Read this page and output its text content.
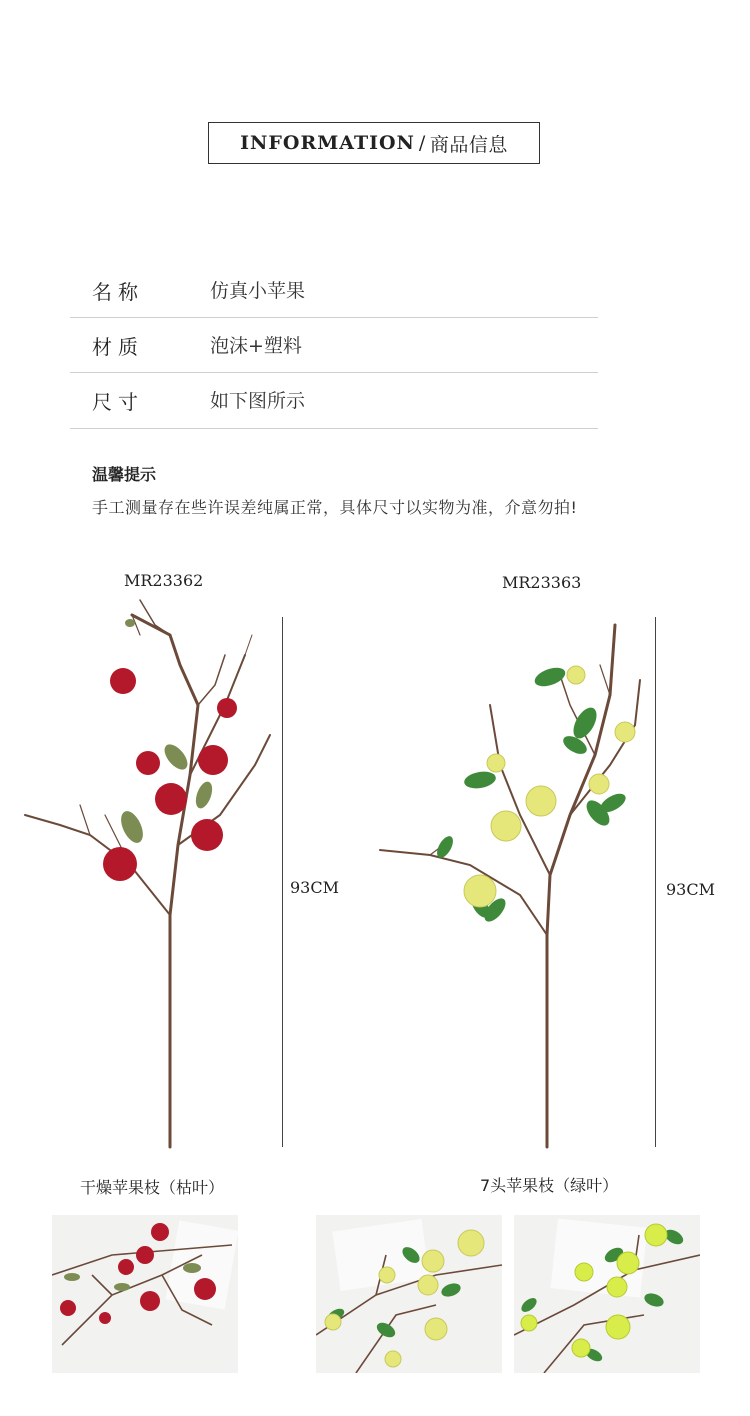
INFORMATION / 商品信息
名称	仿真小苹果
材质	泡沫+塑料
尺寸	如下图所示
温馨提示
手工测量存在些许误差纯属正常，具体尺寸以实物为准，介意勿拍!
MR23362	MR23363
93CM	93CM
干燥苹果枝（枯叶）	7头苹果枝（绿叶）
